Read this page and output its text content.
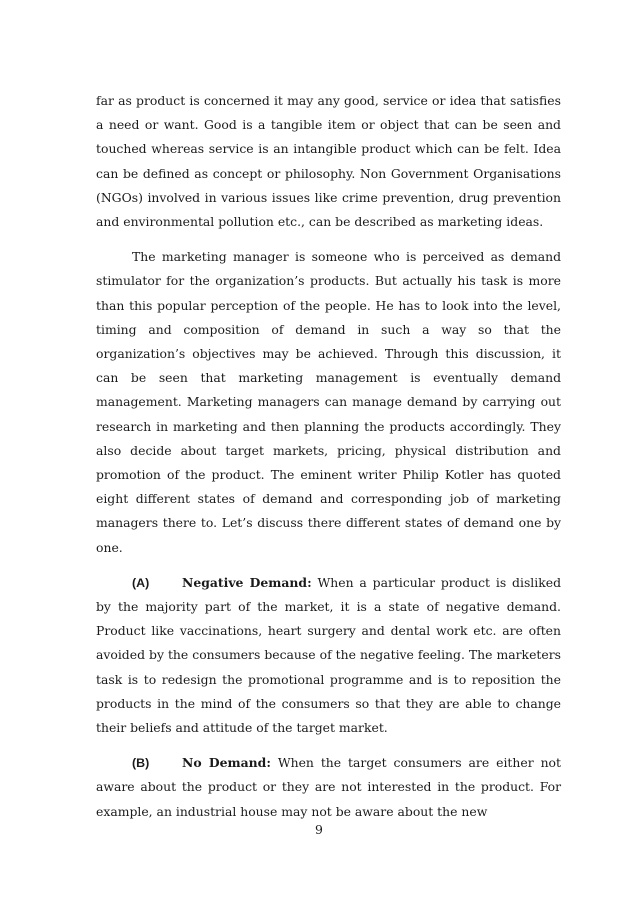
far as product is concerned it may any good, service or idea that satisfies a need or want. Good is a tangible item or object that can be seen and touched whereas service is an intangible product which can be felt. Idea can be defined as concept or philosophy. Non Government Organisations (NGOs) involved in various issues like crime prevention, drug prevention and environmental pollution etc., can be described as marketing ideas.

The marketing manager is someone who is perceived as demand stimulator for the organization’s products. But actually his task is more than this popular perception of the people. He has to look into the level, timing and composition of demand in such a way so that the organization’s objectives may be achieved. Through this discussion, it can be seen that marketing management is eventually demand management. Marketing managers can manage demand by carrying out research in marketing and then planning the products accordingly. They also decide about target markets, pricing, physical distribution and promotion of the product. The eminent writer Philip Kotler has quoted eight different states of demand and corresponding job of marketing managers there to. Let’s discuss there different states of demand one by one.

(A)	Negative Demand: When a particular product is disliked by the majority part of the market, it is a state of negative demand. Product like vaccinations, heart surgery and dental work etc. are often avoided by the consumers because of the negative feeling. The marketers task is to redesign the promotional programme and is to reposition the products in the mind of the consumers so that they are able to change their beliefs and attitude of the target market.

(B)	No Demand: When the target consumers are either not aware about the product or they are not interested in the product. For example, an industrial house may not be aware about the new

9
